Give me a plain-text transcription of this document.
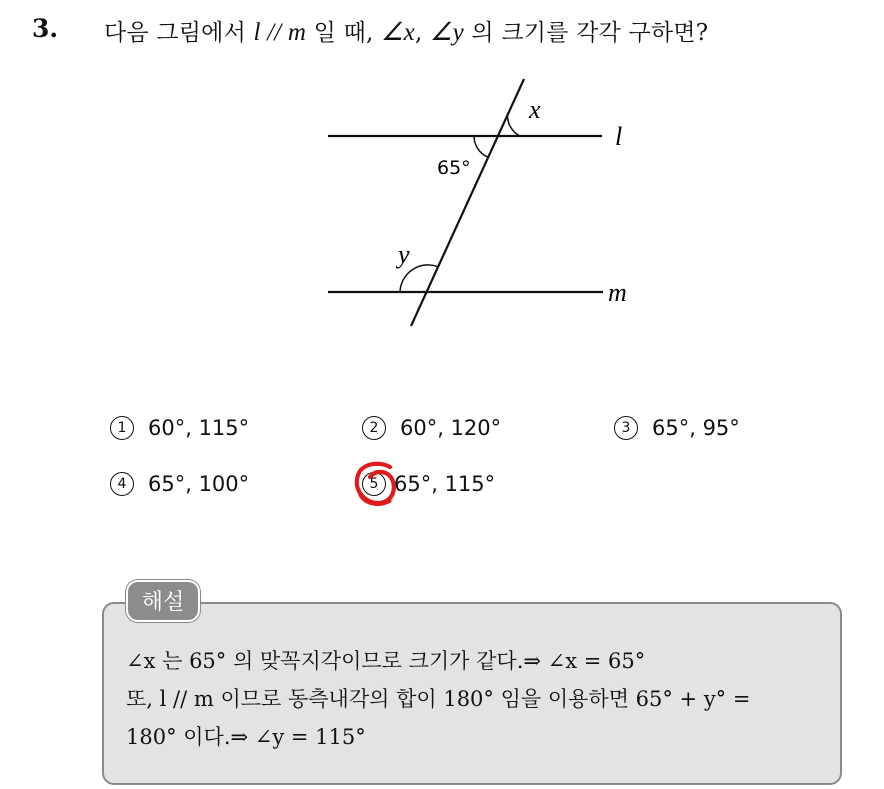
3. 다음 그림에서 l // m 일 때, ∠x, ∠y 의 크기를 각각 구하면?
x
l
65°
y
m
1	60°, 115°	2	60°, 120°	3	65°, 95°
4	65°, 100°	5 65°, 115°
해설
∠x 는 65° 의 맞꼭지각이므로 크기가 같다.⇒ ∠x = 65°
또, l // m 이므로 동측내각의 합이 180° 임을 이용하면 65° + y° =
180° 이다.⇒ ∠y = 115°
